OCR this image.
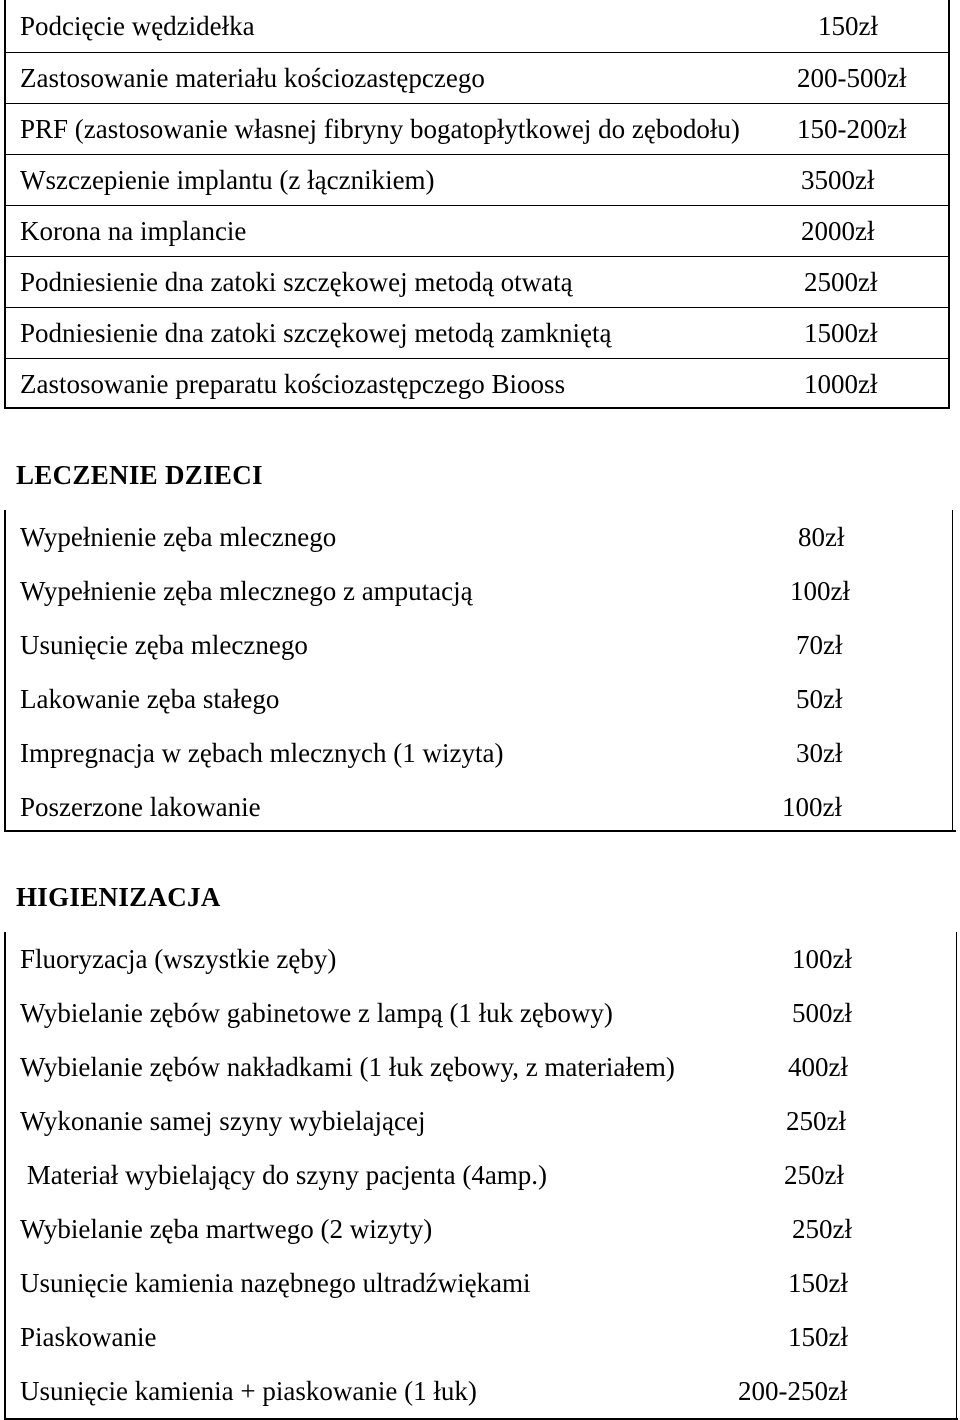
Podcięcie wędzidełka	150zł
Zastosowanie materiału kościozastępczego	200-500zł
PRF (zastosowanie własnej fibryny bogatopłytkowej do zębodołu) 150-200zł
Wszczepienie implantu (z łącznikiem)	3500zł
Korona na implancie	2000zł
Podniesienie dna zatoki szczękowej metodą otwatą	2500zł
Podniesienie dna zatoki szczękowej metodą zamkniętą	1500zł
Zastosowanie preparatu kościozastępczego Biooss	1000zł
LECZENIE DZIECI
Wypełnienie zęba mlecznego	80zł
Wypełnienie zęba mlecznego z amputacją	100zł
Usunięcie zęba mlecznego	70zł
Lakowanie zęba stałego	50zł
Impregnacja w zębach mlecznych (1 wizyta)	30zł
Poszerzone lakowanie	100zł
HIGIENIZACJA
Fluoryzacja (wszystkie zęby)	100zł
Wybielanie zębów gabinetowe z lampą (1 łuk zębowy)	500zł
Wybielanie zębów nakładkami (1 łuk zębowy, z materiałem)	400zł
Wykonanie samej szyny wybielającej	250zł
Materiał wybielający do szyny pacjenta (4amp.)	250zł
Wybielanie zęba martwego (2 wizyty)	250zł
Usunięcie kamienia nazębnego ultradźwiękami	150zł
Piaskowanie	150zł
Usunięcie kamienia + piaskowanie (1 łuk)	200-250zł
